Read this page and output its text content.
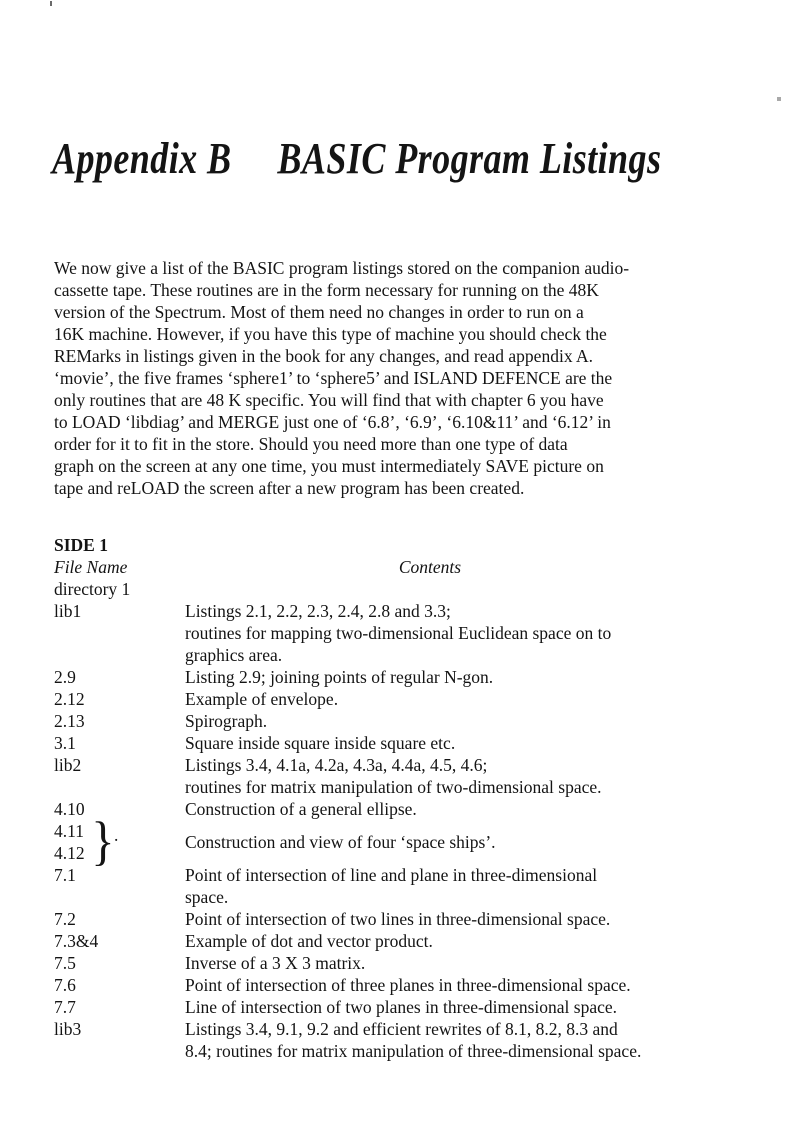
Appendix B BASIC Program Listings
We now give a list of the BASIC program listings stored on the companion audio-
cassette tape. These routines are in the form necessary for running on the 48K
version of the Spectrum. Most of them need no changes in order to run on a
16K machine. However, if you have this type of machine you should check the
REMarks in listings given in the book for any changes, and read appendix A.
‘movie’, the five frames ‘sphere1’ to ‘sphere5’ and ISLAND DEFENCE are the
only routines that are 48 K specific. You will find that with chapter 6 you have
to LOAD ‘libdiag’ and MERGE just one of ‘6.8’, ‘6.9’, ‘6.10&11’ and ‘6.12’ in
order for it to fit in the store. Should you need more than one type of data
graph on the screen at any one time, you must intermediately SAVE picture on
tape and reLOAD the screen after a new program has been created.
SIDE 1
File Name	Contents
directory 1
lib1	Listings 2.1, 2.2, 2.3, 2.4, 2.8 and 3.3;
routines for mapping two-dimensional Euclidean space on to
graphics area.
2.9	Listing 2.9; joining points of regular N-gon.
2.12	Example of envelope.
2.13	Spirograph.
3.1	Square inside square inside square etc.
lib2	Listings 3.4, 4.1a, 4.2a, 4.3a, 4.4a, 4.5, 4.6;
routines for matrix manipulation of two-dimensional space.
4.10	Construction of a general ellipse.
4.11
4.12 } .	Construction and view of four ‘space ships’.
7.1	Point of intersection of line and plane in three-dimensional
space.
7.2	Point of intersection of two lines in three-dimensional space.
7.3&4	Example of dot and vector product.
7.5	Inverse of a 3 X 3 matrix.
7.6	Point of intersection of three planes in three-dimensional space.
7.7	Line of intersection of two planes in three-dimensional space.
lib3	Listings 3.4, 9.1, 9.2 and efficient rewrites of 8.1, 8.2, 8.3 and
8.4; routines for matrix manipulation of three-dimensional space.
